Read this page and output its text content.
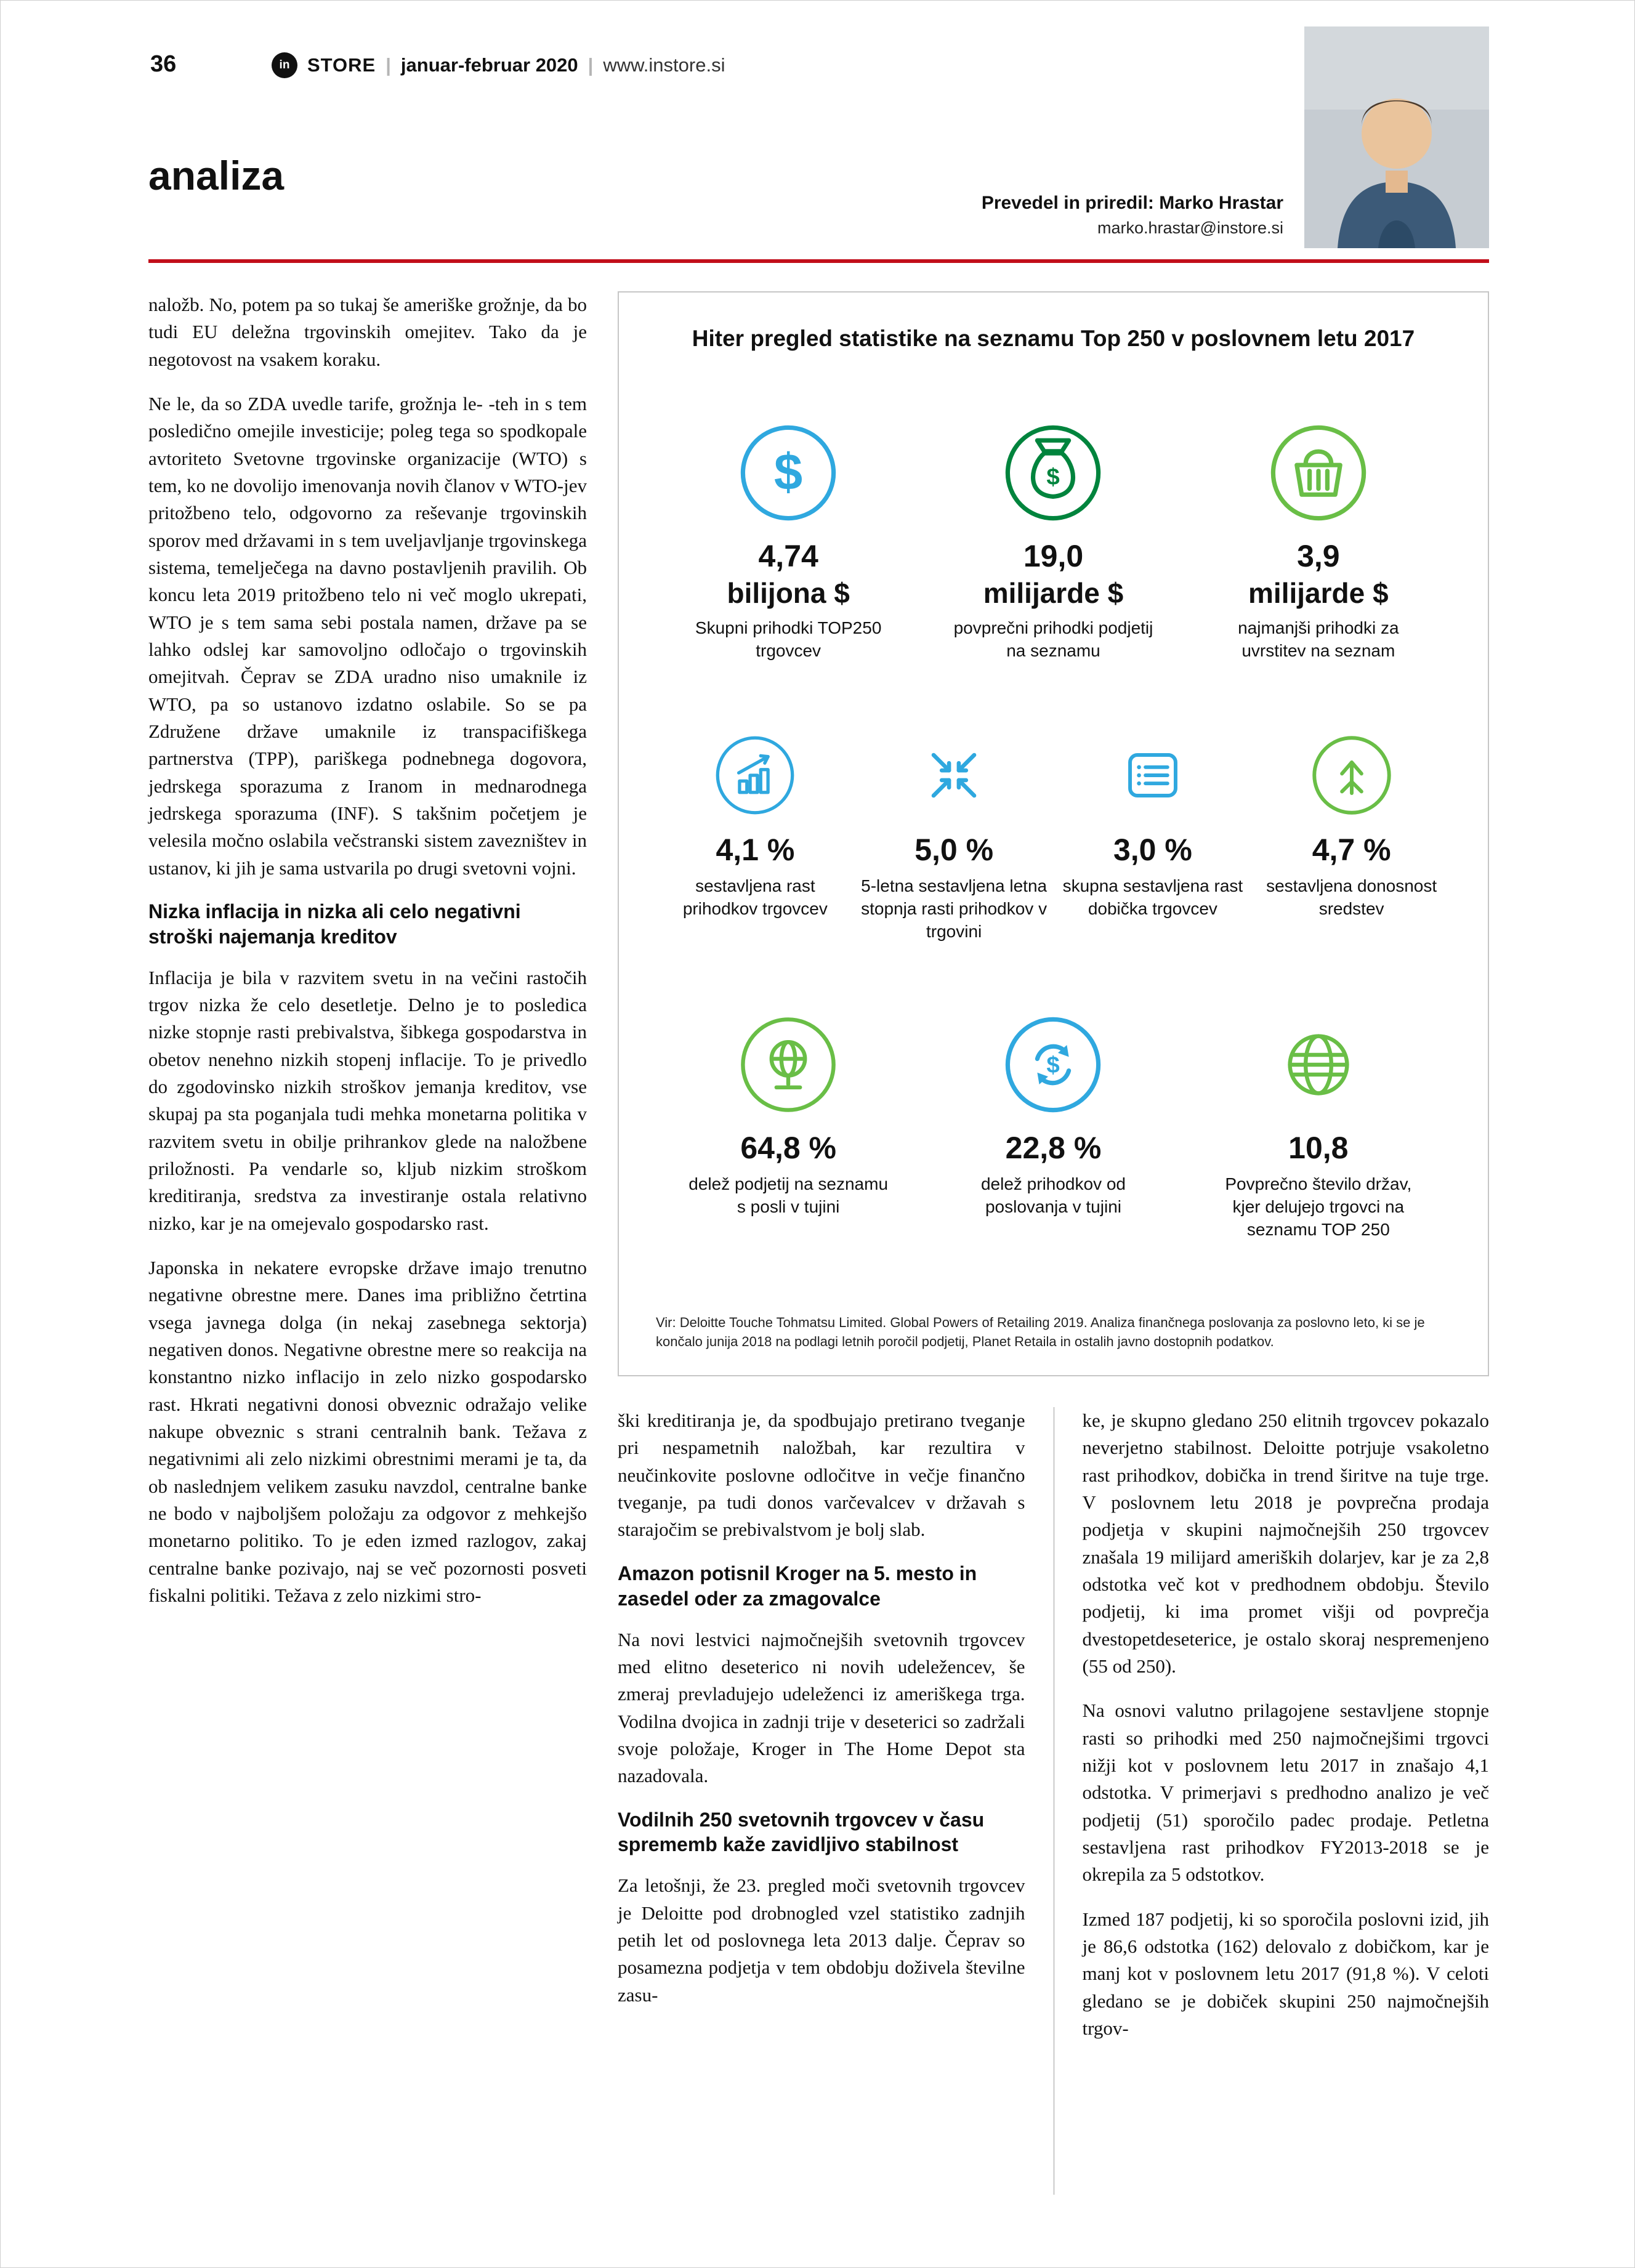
36	in STORE | januar-februar 2020 | www.instore.si
analiza
Prevedel in priredil: Marko Hrastar
marko.hrastar@instore.si

naložb. No, potem pa so tukaj še ameriške grožnje, da bo tudi EU deležna trgovinskih omejitev. Tako da je negotovost na vsakem koraku.

Ne le, da so ZDA uvedle tarife, grožnja le- -teh in s tem posledično omejile investicije; poleg tega so spodkopale avtoriteto Svetovne trgovinske organizacije (WTO) s tem, ko ne dovolijo imenovanja novih članov v WTO-jev pritožbeno telo, odgovorno za reševanje trgovinskih sporov med državami in s tem uveljavljanje trgovinskega sistema, temelječega na davno postavljenih pravilih. Ob koncu leta 2019 pritožbeno telo ni več moglo ukrepati, WTO je s tem sama sebi postala namen, države pa se lahko odslej kar samovoljno odločajo o trgovinskih omejitvah. Čeprav se ZDA uradno niso umaknile iz WTO, pa so ustanovo izdatno oslabile. So se pa Združene države umaknile iz transpacifiškega partnerstva (TPP), pariškega podnebnega dogovora, jedrskega sporazuma z Iranom in mednarodnega jedrskega sporazuma (INF). S takšnim početjem je velesila močno oslabila večstranski sistem zavezništev in ustanov, ki jih je sama ustvarila po drugi svetovni vojni.

Nizka inflacija in nizka ali celo negativni stroški najemanja kreditov

Inflacija je bila v razvitem svetu in na večini rastočih trgov nizka že celo desetletje. Delno je to posledica nizke stopnje rasti prebivalstva, šibkega gospodarstva in obetov nenehno nizkih stopenj inflacije. To je privedlo do zgodovinsko nizkih stroškov jemanja kreditov, vse skupaj pa sta poganjala tudi mehka monetarna politika v razvitem svetu in obilje prihrankov glede na naložbene priložnosti. Pa vendarle so, kljub nizkim stroškom kreditiranja, sredstva za investiranje ostala relativno nizko, kar je na omejevalo gospodarsko rast.

Japonska in nekatere evropske države imajo trenutno negativne obrestne mere. Danes ima približno četrtina vsega javnega dolga (in nekaj zasebnega sektorja) negativen donos. Negativne obrestne mere so reakcija na konstantno nizko inflacijo in zelo nizko gospodarsko rast. Hkrati negativni donosi obveznic odražajo velike nakupe obveznic s strani centralnih bank. Težava z negativnimi ali zelo nizkimi obrestnimi merami je ta, da ob naslednjem velikem zasuku navzdol, centralne banke ne bodo v najboljšem položaju za odgovor z mehkejšo monetarno politiko. To je eden izmed razlogov, zakaj centralne banke pozivajo, naj se več pozornosti posveti fiskalni politiki. Težava z zelo nizkimi stro-

Hiter pregled statistike na seznamu Top 250 v poslovnem letu 2017
$
4,74
bilijona $
Skupni prihodki TOP250 trgovcev
$
19,0
milijarde $
povprečni prihodki podjetij na seznamu
3,9
milijarde $
najmanjši prihodki za uvrstitev na seznam
4,1 %
sestavljena rast prihodkov trgovcev
5,0 %
5-letna sestavljena letna stopnja rasti prihodkov v trgovini
3,0 %
skupna sestavljena rast dobička trgovcev
4,7 %
sestavljena donosnost sredstev
64,8 %
delež podjetij na seznamu s posli v tujini
$
22,8 %
delež prihodkov od poslovanja v tujini
10,8
Povprečno število držav, kjer delujejo trgovci na seznamu TOP 250
Vir: Deloitte Touche Tohmatsu Limited. Global Powers of Retailing 2019. Analiza finančnega poslovanja za poslovno leto, ki se je končalo junija 2018 na podlagi letnih poročil podjetij, Planet Retaila in ostalih javno dostopnih podatkov.

ški kreditiranja je, da spodbujajo pretirano tveganje pri nespametnih naložbah, kar rezultira v neučinkovite poslovne odločitve in večje finančno tveganje, pa tudi donos varčevalcev v državah s starajočim se prebivalstvom je bolj slab.

Amazon potisnil Kroger na 5. mesto in zasedel oder za zmagovalce

Na novi lestvici najmočnejših svetovnih trgovcev med elitno deseterico ni novih udeležencev, še zmeraj prevladujejo udeleženci iz ameriškega trga. Vodilna dvojica in zadnji trije v deseterici so zadržali svoje položaje, Kroger in The Home Depot sta nazadovala.

Vodilnih 250 svetovnih trgovcev v času sprememb kaže zavidljivo stabilnost

Za letošnji, že 23. pregled moči svetovnih trgovcev je Deloitte pod drobnogled vzel statistiko zadnjih petih let od poslovnega leta 2013 dalje. Čeprav so posamezna podjetja v tem obdobju doživela številne zasu-

ke, je skupno gledano 250 elitnih trgovcev pokazalo neverjetno stabilnost. Deloitte potrjuje vsakoletno rast prihodkov, dobička in trend širitve na tuje trge. V poslovnem letu 2018 je povprečna prodaja podjetja v skupini najmočnejših 250 trgovcev znašala 19 milijard ameriških dolarjev, kar je za 2,8 odstotka več kot v predhodnem obdobju. Število podjetij, ki ima promet višji od povprečja dvestopetdeseterice, je ostalo skoraj nespremenjeno (55 od 250).

Na osnovi valutno prilagojene sestavljene stopnje rasti so prihodki med 250 najmočnejšimi trgovci nižji kot v poslovnem letu 2017 in znašajo 4,1 odstotka. V primerjavi s predhodno analizo je več podjetij (51) sporočilo padec prodaje. Petletna sestavljena rast prihodkov FY2013-2018 se je okrepila za 5 odstotkov.

Izmed 187 podjetij, ki so sporočila poslovni izid, jih je 86,6 odstotka (162) delovalo z dobičkom, kar je manj kot v poslovnem letu 2017 (91,8 %). V celoti gledano se je dobiček skupini 250 najmočnejših trgov-
